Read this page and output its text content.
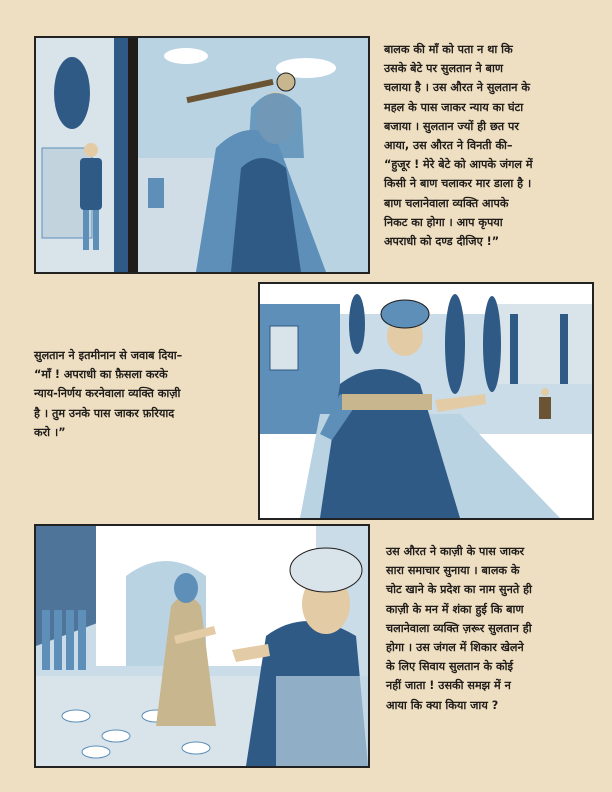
बालक की माँ को पता न था कि
उसके बेटे पर सुलतान ने बाण
चलाया है । उस औरत ने सुलतान के
महल के पास जाकर न्याय का घंटा
बजाया । सुलतान ज्यों ही छत पर
आया, उस औरत ने विनती की–
“हुजूर ! मेरे बेटे को आपके जंगल में
किसी ने बाण चलाकर मार डाला है ।
बाण चलानेवाला व्यक्ति आपके
निकट का होगा । आप कृपया
अपराधी को दण्ड दीजिए !”
सुलतान ने इतमीनान से जवाब दिया–
“माँ ! अपराधी का फ़ैसला करके
न्याय-निर्णय करनेवाला व्यक्ति काज़ी
है । तुम उनके पास जाकर फ़रियाद
करो ।”
उस औरत ने काज़ी के पास जाकर
सारा समाचार सुनाया । बालक के
चोट खाने के प्रदेश का नाम सुनते ही
काज़ी के मन में शंका हुई कि बाण
चलानेवाला व्यक्ति ज़रूर सुलतान ही
होगा । उस जंगल में शिकार खेलने
के लिए सिवाय सुलतान के कोई
नहीं जाता ! उसकी समझ में न
आया कि क्या किया जाय ?
